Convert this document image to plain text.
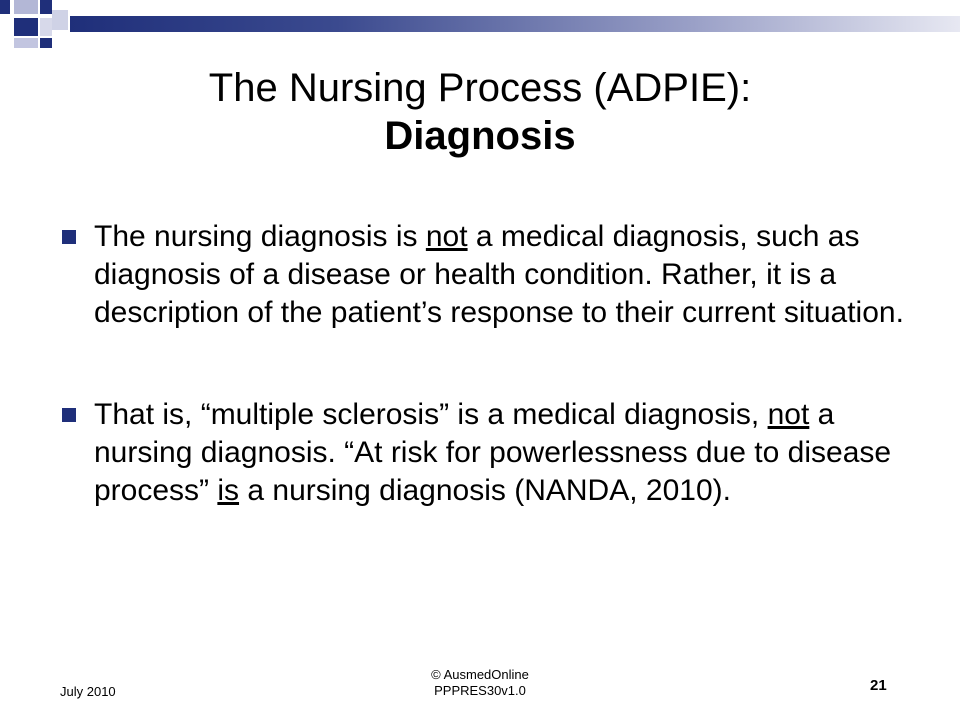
The Nursing Process (ADPIE):
Diagnosis
The nursing diagnosis is not a medical diagnosis, such as diagnosis of a disease or health condition. Rather, it is a description of the patient’s response to their current situation.
That is, “multiple sclerosis” is a medical diagnosis, not a nursing diagnosis. “At risk for powerlessness due to disease process” is a nursing diagnosis (NANDA, 2010).
July 2010
© AusmedOnline
PPPRES30v1.0	21
